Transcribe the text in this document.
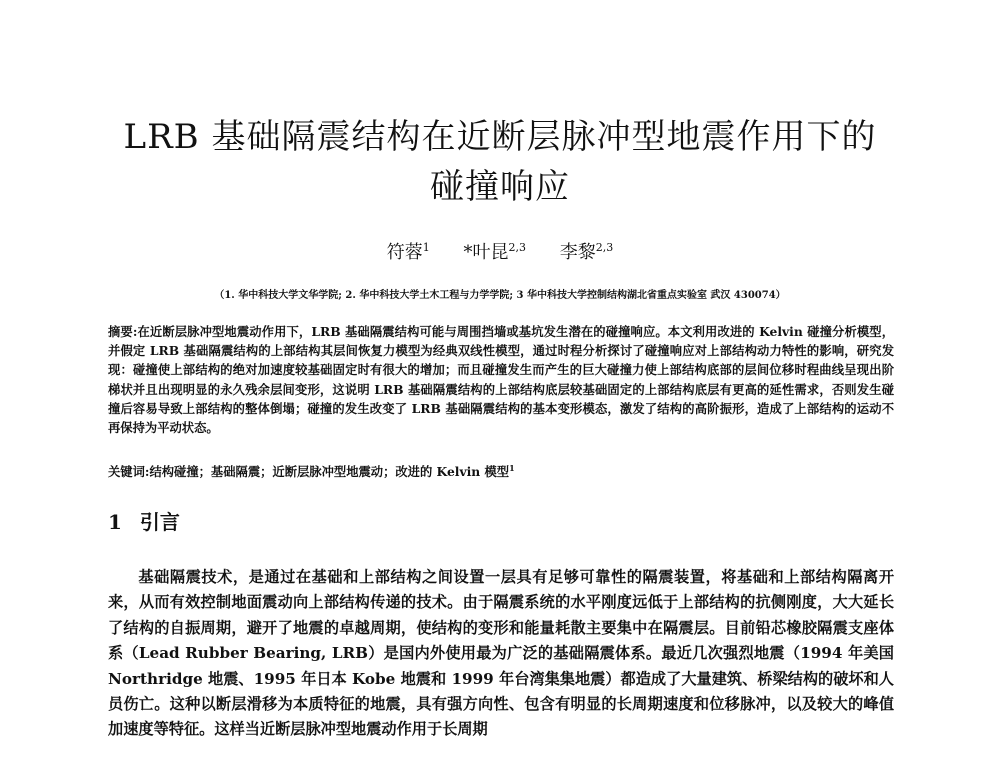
LRB 基础隔震结构在近断层脉冲型地震作用下的
碰撞响应
符蓉$^1$ *叶昆$^{2,3}$ 李黎$^{2,3}$
（1. 华中科技大学文华学院; 2. 华中科技大学土木工程与力学学院; 3 华中科技大学控制结构湖北省重点实验室 武汉 430074）
摘要:在近断层脉冲型地震动作用下，LRB 基础隔震结构可能与周围挡墙或基坑发生潜在的碰撞响应。本文利用改进的 Kelvin 碰撞分析模型，并假定 LRB 基础隔震结构的上部结构其层间恢复力模型为经典双线性模型，通过时程分析探讨了碰撞响应对上部结构动力特性的影响，研究发现：碰撞使上部结构的绝对加速度较基础固定时有很大的增加；而且碰撞发生而产生的巨大碰撞力使上部结构底部的层间位移时程曲线呈现出阶梯状并且出现明显的永久残余层间变形，这说明 LRB 基础隔震结构的上部结构底层较基础固定的上部结构底层有更高的延性需求，否则发生碰撞后容易导致上部结构的整体倒塌；碰撞的发生改变了 LRB 基础隔震结构的基本变形模态，激发了结构的高阶振形，造成了上部结构的运动不再保持为平动状态。
关键词:结构碰撞；基础隔震；近断层脉冲型地震动；改进的 Kelvin 模型$^1$
1 引言
基础隔震技术，是通过在基础和上部结构之间设置一层具有足够可靠性的隔震装置，将基础和上部结构隔离开来，从而有效控制地面震动向上部结构传递的技术。由于隔震系统的水平刚度远低于上部结构的抗侧刚度，大大延长了结构的自振周期，避开了地震的卓越周期，使结构的变形和能量耗散主要集中在隔震层。目前铅芯橡胶隔震支座体系（Lead Rubber Bearing, LRB）是国内外使用最为广泛的基础隔震体系。最近几次强烈地震（1994 年美国 Northridge 地震、1995 年日本 Kobe 地震和 1999 年台湾集集地震）都造成了大量建筑、桥梁结构的破坏和人员伤亡。这种以断层滑移为本质特征的地震，具有强方向性、包含有明显的长周期速度和位移脉冲，以及较大的峰值加速度等特征。这样当近断层脉冲型地震动作用于长周期
